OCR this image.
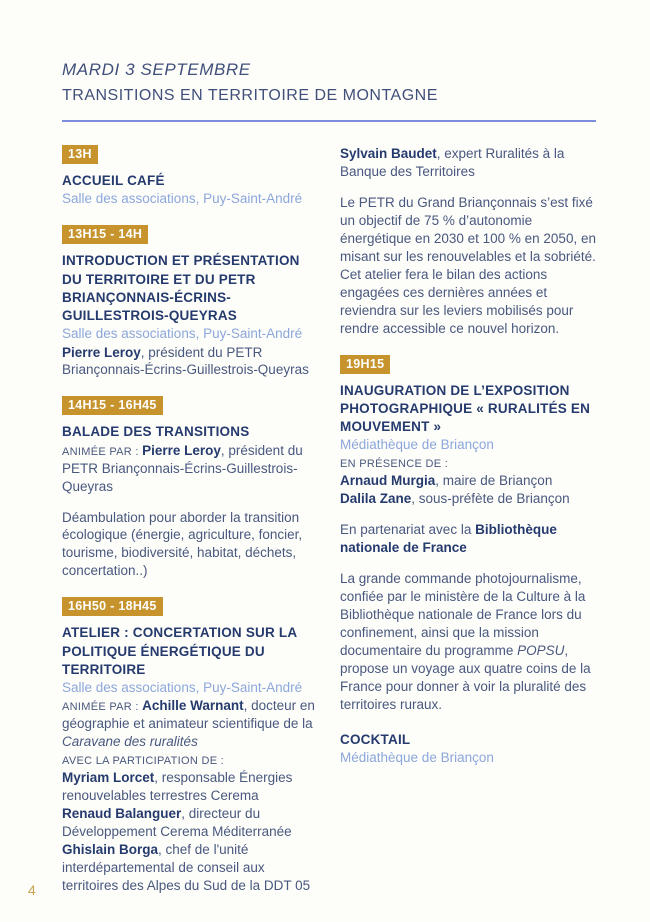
MARDI 3 SEPTEMBRE
TRANSITIONS EN TERRITOIRE DE MONTAGNE
13H
ACCUEIL CAFÉ
Salle des associations, Puy-Saint-André
13H15 - 14H
INTRODUCTION ET PRÉSENTATION DU TERRITOIRE ET DU PETR BRIANÇONNAIS-ÉCRINS-GUILLESTROIS-QUEYRAS
Salle des associations, Puy-Saint-André
Pierre Leroy, président du PETR Briançonnais-Écrins-Guillestrois-Queyras
14H15 - 16H45
BALADE DES TRANSITIONS
ANIMÉE PAR : Pierre Leroy, président du PETR Briançonnais-Écrins-Guillestrois-Queyras
Déambulation pour aborder la transition écologique (énergie, agriculture, foncier, tourisme, biodiversité, habitat, déchets, concertation..)
16H50 - 18H45
ATELIER : CONCERTATION SUR LA POLITIQUE ÉNERGÉTIQUE DU TERRITOIRE
Salle des associations, Puy-Saint-André
ANIMÉE PAR : Achille Warnant, docteur en géographie et animateur scientifique de la Caravane des ruralités
AVEC LA PARTICIPATION DE :
Myriam Lorcet, responsable Énergies renouvelables terrestres Cerema
Renaud Balanguer, directeur du Développement Cerema Méditerranée
Ghislain Borga, chef de l'unité interdépartemental de conseil aux territoires des Alpes du Sud de la DDT 05
Sylvain Baudet, expert Ruralités à la Banque des Territoires
Le PETR du Grand Briançonnais s’est fixé un objectif de 75 % d’autonomie énergétique en 2030 et 100 % en 2050, en misant sur les renouvelables et la sobriété. Cet atelier fera le bilan des actions engagées ces dernières années et reviendra sur les leviers mobilisés pour rendre accessible ce nouvel horizon.
19H15
INAUGURATION DE L’EXPOSITION PHOTOGRAPHIQUE « RURALITÉS EN MOUVEMENT »
Médiathèque de Briançon
EN PRÉSENCE DE :
Arnaud Murgia, maire de Briançon
Dalila Zane, sous-préfète de Briançon
En partenariat avec la Bibliothèque nationale de France
La grande commande photojournalisme, confiée par le ministère de la Culture à la Bibliothèque nationale de France lors du confinement, ainsi que la mission documentaire du programme POPSU, propose un voyage aux quatre coins de la France pour donner à voir la pluralité des territoires ruraux.
COCKTAIL
Médiathèque de Briançon
4
